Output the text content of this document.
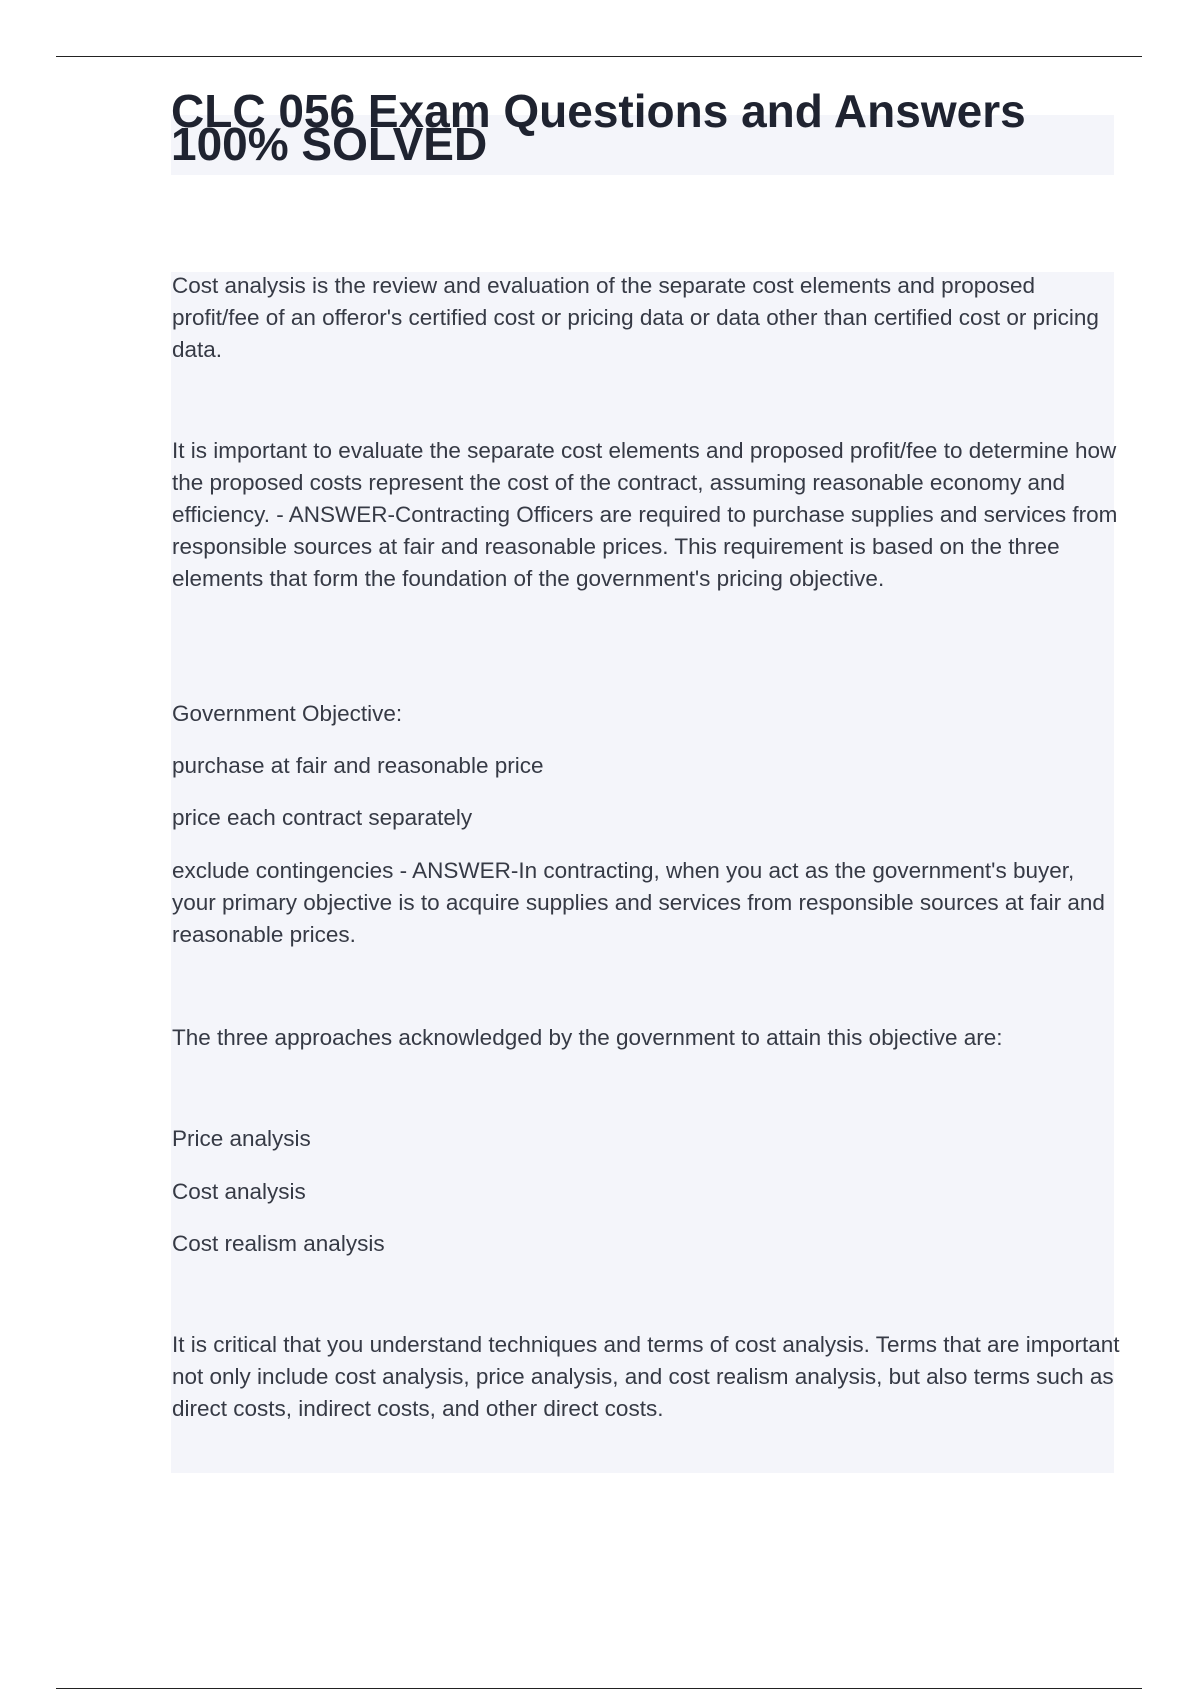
CLC 056 Exam Questions and Answers 100% SOLVED

Cost analysis is the review and evaluation of the separate cost elements and proposed profit/fee of an offeror's certified cost or pricing data or data other than certified cost or pricing data.

It is important to evaluate the separate cost elements and proposed profit/fee to determine how the proposed costs represent the cost of the contract, assuming reasonable economy and efficiency. - ANSWER-Contracting Officers are required to purchase supplies and services from responsible sources at fair and reasonable prices. This requirement is based on the three elements that form the foundation of the government's pricing objective.

Government Objective:

purchase at fair and reasonable price

price each contract separately

exclude contingencies - ANSWER-In contracting, when you act as the government's buyer, your primary objective is to acquire supplies and services from responsible sources at fair and reasonable prices.

The three approaches acknowledged by the government to attain this objective are:

Price analysis

Cost analysis

Cost realism analysis

It is critical that you understand techniques and terms of cost analysis. Terms that are important not only include cost analysis, price analysis, and cost realism analysis, but also terms such as direct costs, indirect costs, and other direct costs.
